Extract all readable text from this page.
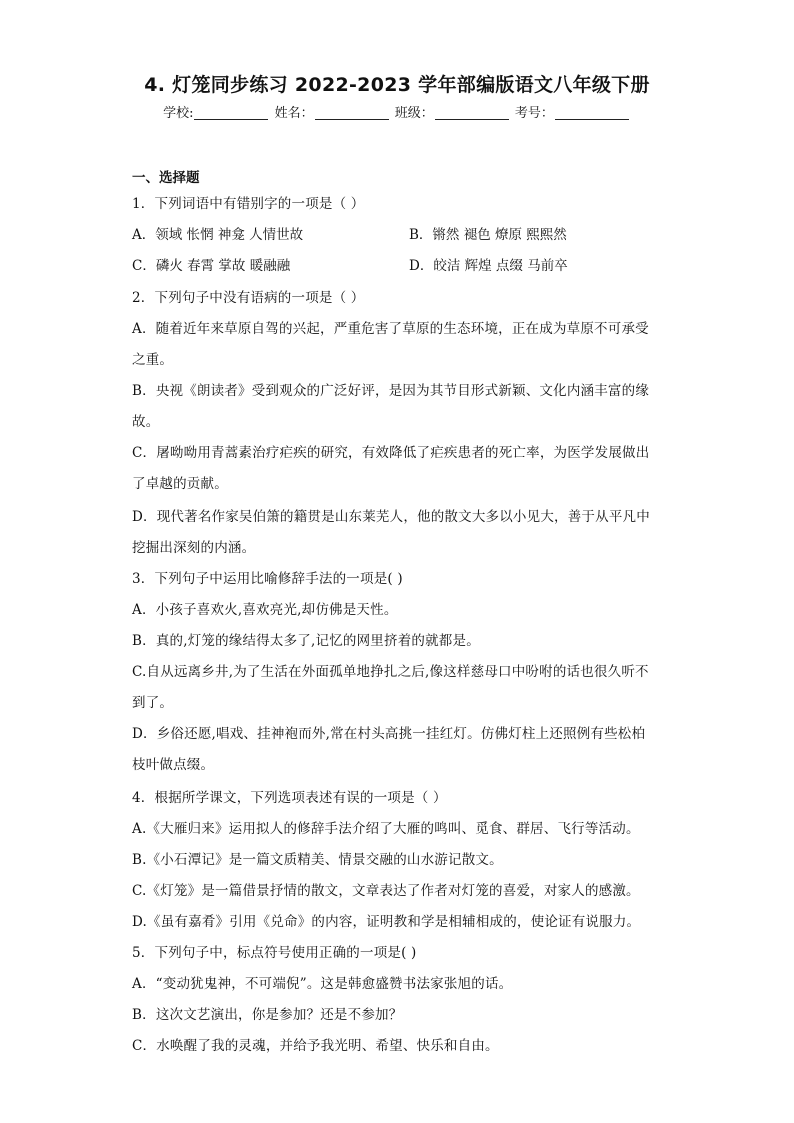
4. 灯笼同步练习 2022-2023 学年部编版语文八年级下册
学校:	姓名：	班级：	考号：
一、选择题
1．下列词语中有错别字的一项是（ ）
A．领域 怅惘 神龛 人情世故	B．锵然 褪色 燎原 熙熙然
C．磷火 春霄 掌故 暖融融	D．皎洁 辉煌 点缀 马前卒
2．下列句子中没有语病的一项是（ ）
A．随着近年来草原自驾的兴起，严重危害了草原的生态环境，正在成为草原不可承受
之重。
B．央视《朗读者》受到观众的广泛好评，是因为其节目形式新颖、文化内涵丰富的缘
故。
C．屠呦呦用青蒿素治疗疟疾的研究，有效降低了疟疾患者的死亡率，为医学发展做出
了卓越的贡献。
D．现代著名作家吴伯箫的籍贯是山东莱芜人，他的散文大多以小见大，善于从平凡中
挖掘出深刻的内涵。
3．下列句子中运用比喻修辞手法的一项是( )
A．小孩子喜欢火,喜欢亮光,却仿佛是天性。
B．真的,灯笼的缘结得太多了,记忆的网里挤着的就都是。
C.自从远离乡井,为了生活在外面孤单地挣扎之后,像这样慈母口中吩咐的话也很久听不
到了。
D．乡俗还愿,唱戏、挂神袍而外,常在村头高挑一挂红灯。仿佛灯柱上还照例有些松柏
枝叶做点缀。
4．根据所学课文，下列选项表述有误的一项是（ ）
A.《大雁归来》运用拟人的修辞手法介绍了大雁的鸣叫、觅食、群居、飞行等活动。
B.《小石潭记》是一篇文质精美、情景交融的山水游记散文。
C.《灯笼》是一篇借景抒情的散文，文章表达了作者对灯笼的喜爱，对家人的感激。
D.《虽有嘉肴》引用《兑命》的内容，证明教和学是相辅相成的，使论证有说服力。
5．下列句子中，标点符号使用正确的一项是( )
A．“变动犹鬼神，不可端倪”。这是韩愈盛赞书法家张旭的话。
B．这次文艺演出，你是参加？还是不参加？
C．水唤醒了我的灵魂，并给予我光明、希望、快乐和自由。
